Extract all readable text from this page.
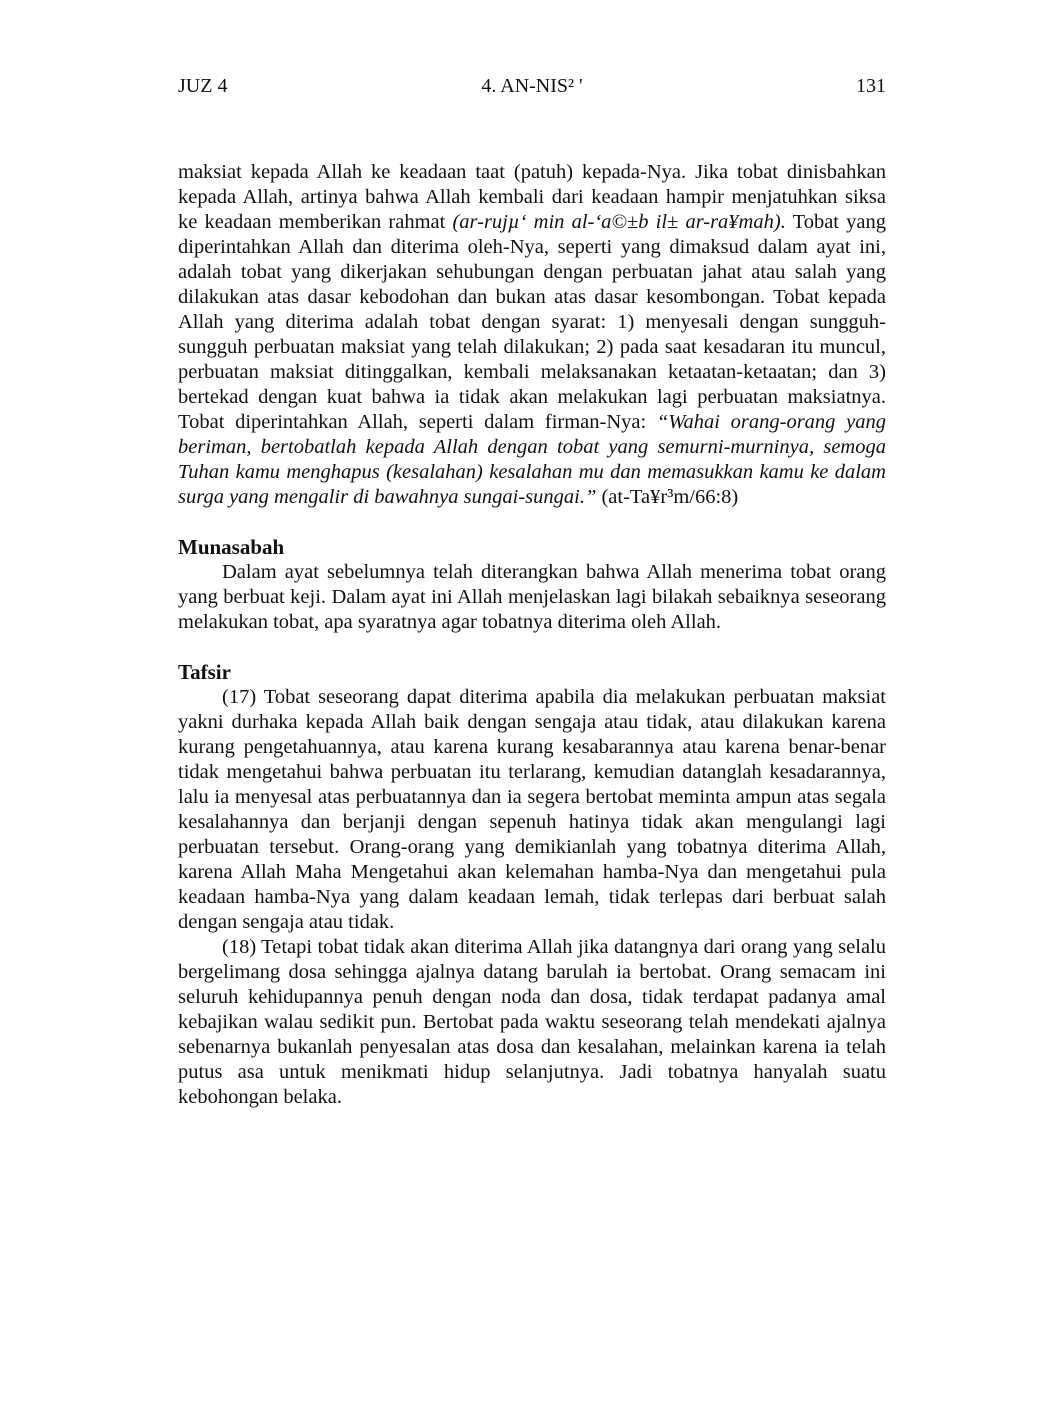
JUZ 4	4. AN-NIS² '	131

maksiat kepada Allah ke keadaan taat (patuh) kepada-Nya. Jika tobat dinisbahkan kepada Allah, artinya bahwa Allah kembali dari keadaan hampir menjatuhkan siksa ke keadaan memberikan rahmat (ar-rujµ‘ min al-‘a©±b il± ar-ra¥mah). Tobat yang diperintahkan Allah dan diterima oleh-Nya, seperti yang dimaksud dalam ayat ini, adalah tobat yang dikerjakan sehubungan dengan perbuatan jahat atau salah yang dilakukan atas dasar kebodohan dan bukan atas dasar kesombongan. Tobat kepada Allah yang diterima adalah tobat dengan syarat: 1) menyesali dengan sungguh-sungguh perbuatan maksiat yang telah dilakukan; 2) pada saat kesadaran itu muncul, perbuatan maksiat ditinggalkan, kembali melaksanakan ketaatan-ketaatan; dan 3) bertekad dengan kuat bahwa ia tidak akan melakukan lagi perbuatan maksiatnya. Tobat diperintahkan Allah, seperti dalam firman-Nya: “Wahai orang-orang yang beriman, bertobatlah kepada Allah dengan tobat yang semurni-murninya, semoga Tuhan kamu menghapus (kesalahan) kesalahan mu dan memasukkan kamu ke dalam surga yang mengalir di bawahnya sungai-sungai.” (at-Ta¥r³m/66:8)

Munasabah

Dalam ayat sebelumnya telah diterangkan bahwa Allah menerima tobat orang yang berbuat keji. Dalam ayat ini Allah menjelaskan lagi bilakah sebaiknya seseorang melakukan tobat, apa syaratnya agar tobatnya diterima oleh Allah.

Tafsir

(17) Tobat seseorang dapat diterima apabila dia melakukan perbuatan maksiat yakni durhaka kepada Allah baik dengan sengaja atau tidak, atau dilakukan karena kurang pengetahuannya, atau karena kurang kesabarannya atau karena benar-benar tidak mengetahui bahwa perbuatan itu terlarang, kemudian datanglah kesadarannya, lalu ia menyesal atas perbuatannya dan ia segera bertobat meminta ampun atas segala kesalahannya dan berjanji dengan sepenuh hatinya tidak akan mengulangi lagi perbuatan tersebut. Orang-orang yang demikianlah yang tobatnya diterima Allah, karena Allah Maha Mengetahui akan kelemahan hamba-Nya dan mengetahui pula keadaan hamba-Nya yang dalam keadaan lemah, tidak terlepas dari berbuat salah dengan sengaja atau tidak.

(18) Tetapi tobat tidak akan diterima Allah jika datangnya dari orang yang selalu bergelimang dosa sehingga ajalnya datang barulah ia bertobat. Orang semacam ini seluruh kehidupannya penuh dengan noda dan dosa, tidak terdapat padanya amal kebajikan walau sedikit pun. Bertobat pada waktu seseorang telah mendekati ajalnya sebenarnya bukanlah penyesalan atas dosa dan kesalahan, melainkan karena ia telah putus asa untuk menikmati hidup selanjutnya. Jadi tobatnya hanyalah suatu kebohongan belaka.
